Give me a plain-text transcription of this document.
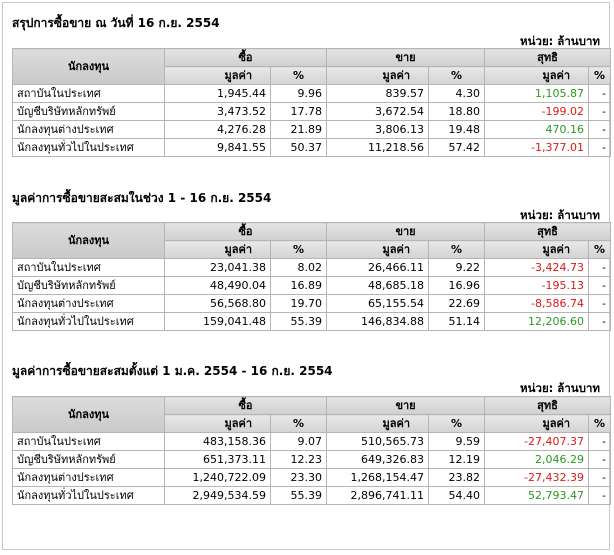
สรุปการซื้อขาย ณ วันที่ 16 ก.ย. 2554
หน่วย: ล้านบาท
นักลงทุน	ซื้อ		ขาย		สุทธิ	
	มูลค่า	%	มูลค่า	%	มูลค่า	%
สถาบันในประเทศ	1,945.44	9.96	839.57	4.30	1,105.87	-
บัญชีบริษัทหลักทรัพย์	3,473.52	17.78	3,672.54	18.80	-199.02	-
นักลงทุนต่างประเทศ	4,276.28	21.89	3,806.13	19.48	470.16	-
นักลงทุนทั่วไปในประเทศ	9,841.55	50.37	11,218.56	57.42	-1,377.01	-
มูลค่าการซื้อขายสะสมในช่วง 1 - 16 ก.ย. 2554
หน่วย: ล้านบาท
นักลงทุน	ซื้อ		ขาย		สุทธิ	
	มูลค่า	%	มูลค่า	%	มูลค่า	%
สถาบันในประเทศ	23,041.38	8.02	26,466.11	9.22	-3,424.73	-
บัญชีบริษัทหลักทรัพย์	48,490.04	16.89	48,685.18	16.96	-195.13	-
นักลงทุนต่างประเทศ	56,568.80	19.70	65,155.54	22.69	-8,586.74	-
นักลงทุนทั่วไปในประเทศ	159,041.48	55.39	146,834.88	51.14	12,206.60	-
มูลค่าการซื้อขายสะสมตั้งแต่ 1 ม.ค. 2554 - 16 ก.ย. 2554
หน่วย: ล้านบาท
นักลงทุน	ซื้อ		ขาย		สุทธิ	
	มูลค่า	%	มูลค่า	%	มูลค่า	%
สถาบันในประเทศ	483,158.36	9.07	510,565.73	9.59	-27,407.37	-
บัญชีบริษัทหลักทรัพย์	651,373.11	12.23	649,326.83	12.19	2,046.29	-
นักลงทุนต่างประเทศ	1,240,722.09	23.30	1,268,154.47	23.82	-27,432.39	-
นักลงทุนทั่วไปในประเทศ	2,949,534.59	55.39	2,896,741.11	54.40	52,793.47	-
